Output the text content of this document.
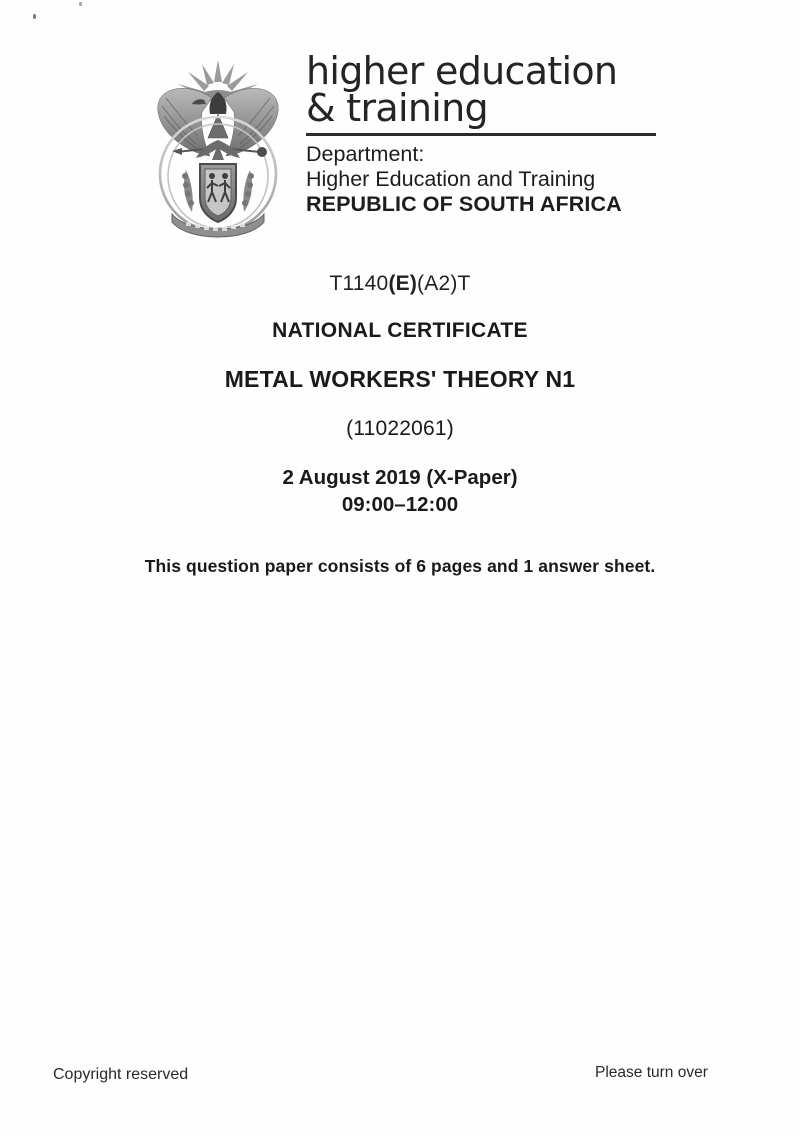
higher education
& training
Department:
Higher Education and Training
REPUBLIC OF SOUTH AFRICA
T1140(E)(A2)T
NATIONAL CERTIFICATE
METAL WORKERS' THEORY N1
(11022061)
2 August 2019 (X-Paper)
09:00–12:00
This question paper consists of 6 pages and 1 answer sheet.
Copyright reserved	Please turn over
